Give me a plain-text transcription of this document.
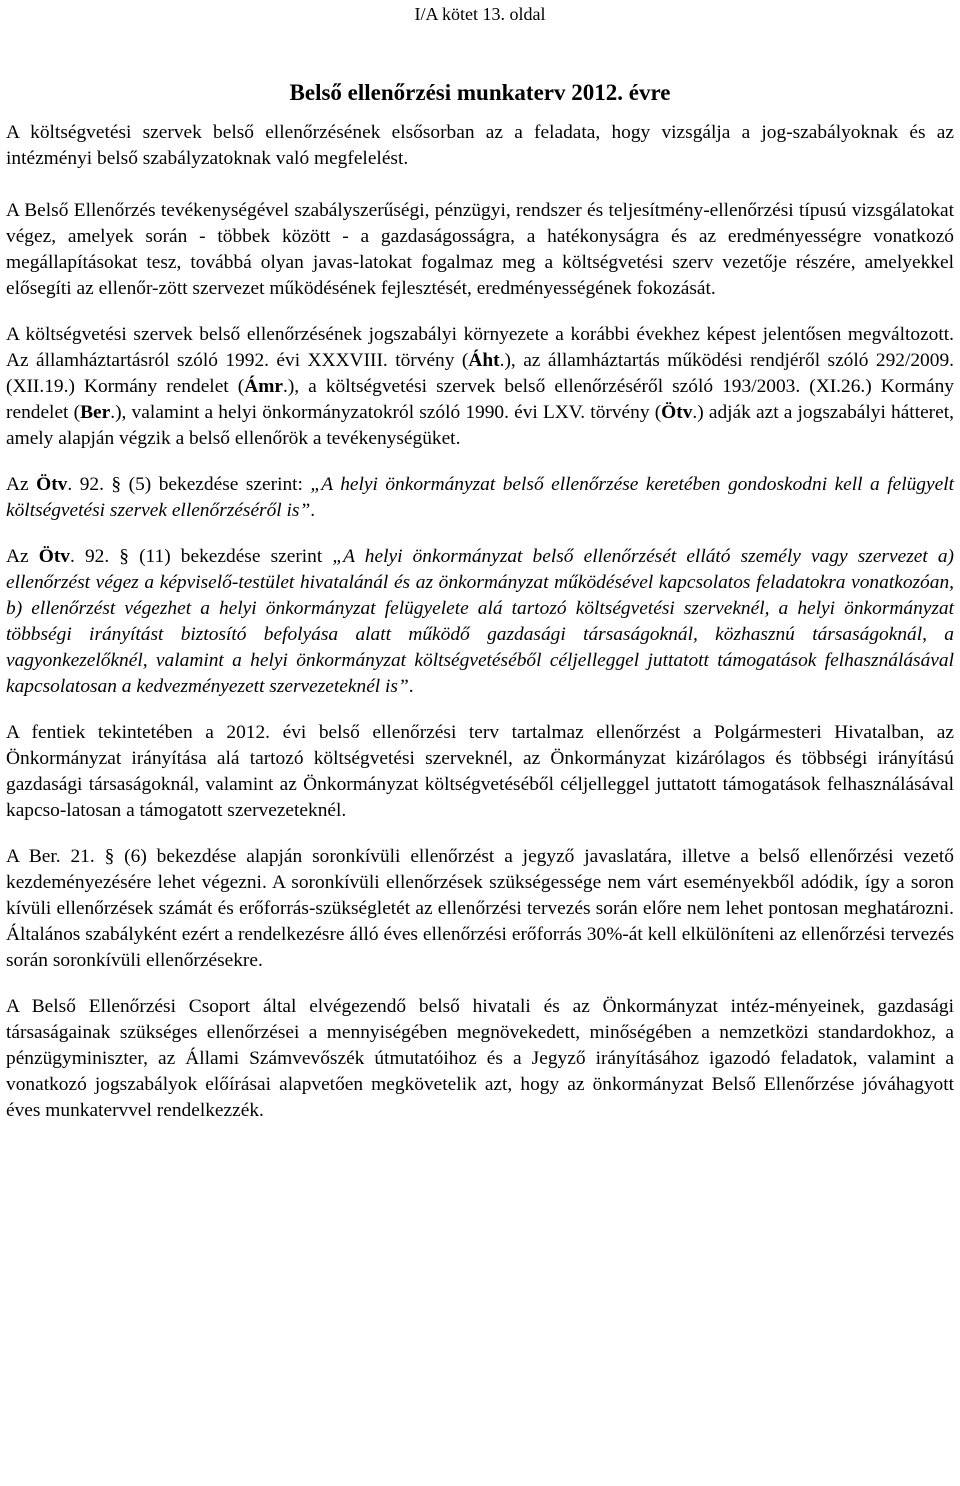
I/A kötet 13. oldal
Belső ellenőrzési munkaterv 2012. évre

A költségvetési szervek belső ellenőrzésének elsősorban az a feladata, hogy vizsgálja a jog-szabályoknak és az intézményi belső szabályzatoknak való megfelelést.

A Belső Ellenőrzés tevékenységével szabályszerűségi, pénzügyi, rendszer és teljesítmény-ellenőrzési típusú vizsgálatokat végez, amelyek során - többek között - a gazdaságosságra, a hatékonyságra és az eredményességre vonatkozó megállapításokat tesz, továbbá olyan javas-latokat fogalmaz meg a költségvetési szerv vezetője részére, amelyekkel elősegíti az ellenőr-zött szervezet működésének fejlesztését, eredményességének fokozását.

A költségvetési szervek belső ellenőrzésének jogszabályi környezete a korábbi évekhez képest jelentősen megváltozott. Az államháztartásról szóló 1992. évi XXXVIII. törvény (Áht.), az államháztartás működési rendjéről szóló 292/2009. (XII.19.) Kormány rendelet (Ámr.), a költségvetési szervek belső ellenőrzéséről szóló 193/2003. (XI.26.) Kormány rendelet (Ber.), valamint a helyi önkormányzatokról szóló 1990. évi LXV. törvény (Ötv.) adják azt a jogszabályi hátteret, amely alapján végzik a belső ellenőrök a tevékenységüket.

Az Ötv. 92. § (5) bekezdése szerint: „A helyi önkormányzat belső ellenőrzése keretében gondoskodni kell a felügyelt költségvetési szervek ellenőrzéséről is”.

Az Ötv. 92. § (11) bekezdése szerint „A helyi önkormányzat belső ellenőrzését ellátó személy vagy szervezet a) ellenőrzést végez a képviselő-testület hivatalánál és az önkormányzat működésével kapcsolatos feladatokra vonatkozóan, b) ellenőrzést végezhet a helyi önkormányzat felügyelete alá tartozó költségvetési szerveknél, a helyi önkormányzat többségi irányítást biztosító befolyása alatt működő gazdasági társaságoknál, közhasznú társaságoknál, a vagyonkezelőknél, valamint a helyi önkormányzat költségvetéséből céljelleggel juttatott támogatások felhasználásával kapcsolatosan a kedvezményezett szervezeteknél is”.

A fentiek tekintetében a 2012. évi belső ellenőrzési terv tartalmaz ellenőrzést a Polgármesteri Hivatalban, az Önkormányzat irányítása alá tartozó költségvetési szerveknél, az Önkormányzat kizárólagos és többségi irányítású gazdasági társaságoknál, valamint az Önkormányzat költségvetéséből céljelleggel juttatott támogatások felhasználásával kapcso-latosan a támogatott szervezeteknél.

A Ber. 21. § (6) bekezdése alapján soronkívüli ellenőrzést a jegyző javaslatára, illetve a belső ellenőrzési vezető kezdeményezésére lehet végezni. A soronkívüli ellenőrzések szükségessége nem várt eseményekből adódik, így a soron kívüli ellenőrzések számát és erőforrás-szükségletét az ellenőrzési tervezés során előre nem lehet pontosan meghatározni. Általános szabályként ezért a rendelkezésre álló éves ellenőrzési erőforrás 30%-át kell elkülöníteni az ellenőrzési tervezés során soronkívüli ellenőrzésekre.

A Belső Ellenőrzési Csoport által elvégezendő belső hivatali és az Önkormányzat intéz-ményeinek, gazdasági társaságainak szükséges ellenőrzései a mennyiségében megnövekedett, minőségében a nemzetközi standardokhoz, a pénzügyminiszter, az Állami Számvevőszék útmutatóihoz és a Jegyző irányításához igazodó feladatok, valamint a vonatkozó jogszabályok előírásai alapvetően megkövetelik azt, hogy az önkormányzat Belső Ellenőrzése jóváhagyott éves munkatervvel rendelkezzék.
